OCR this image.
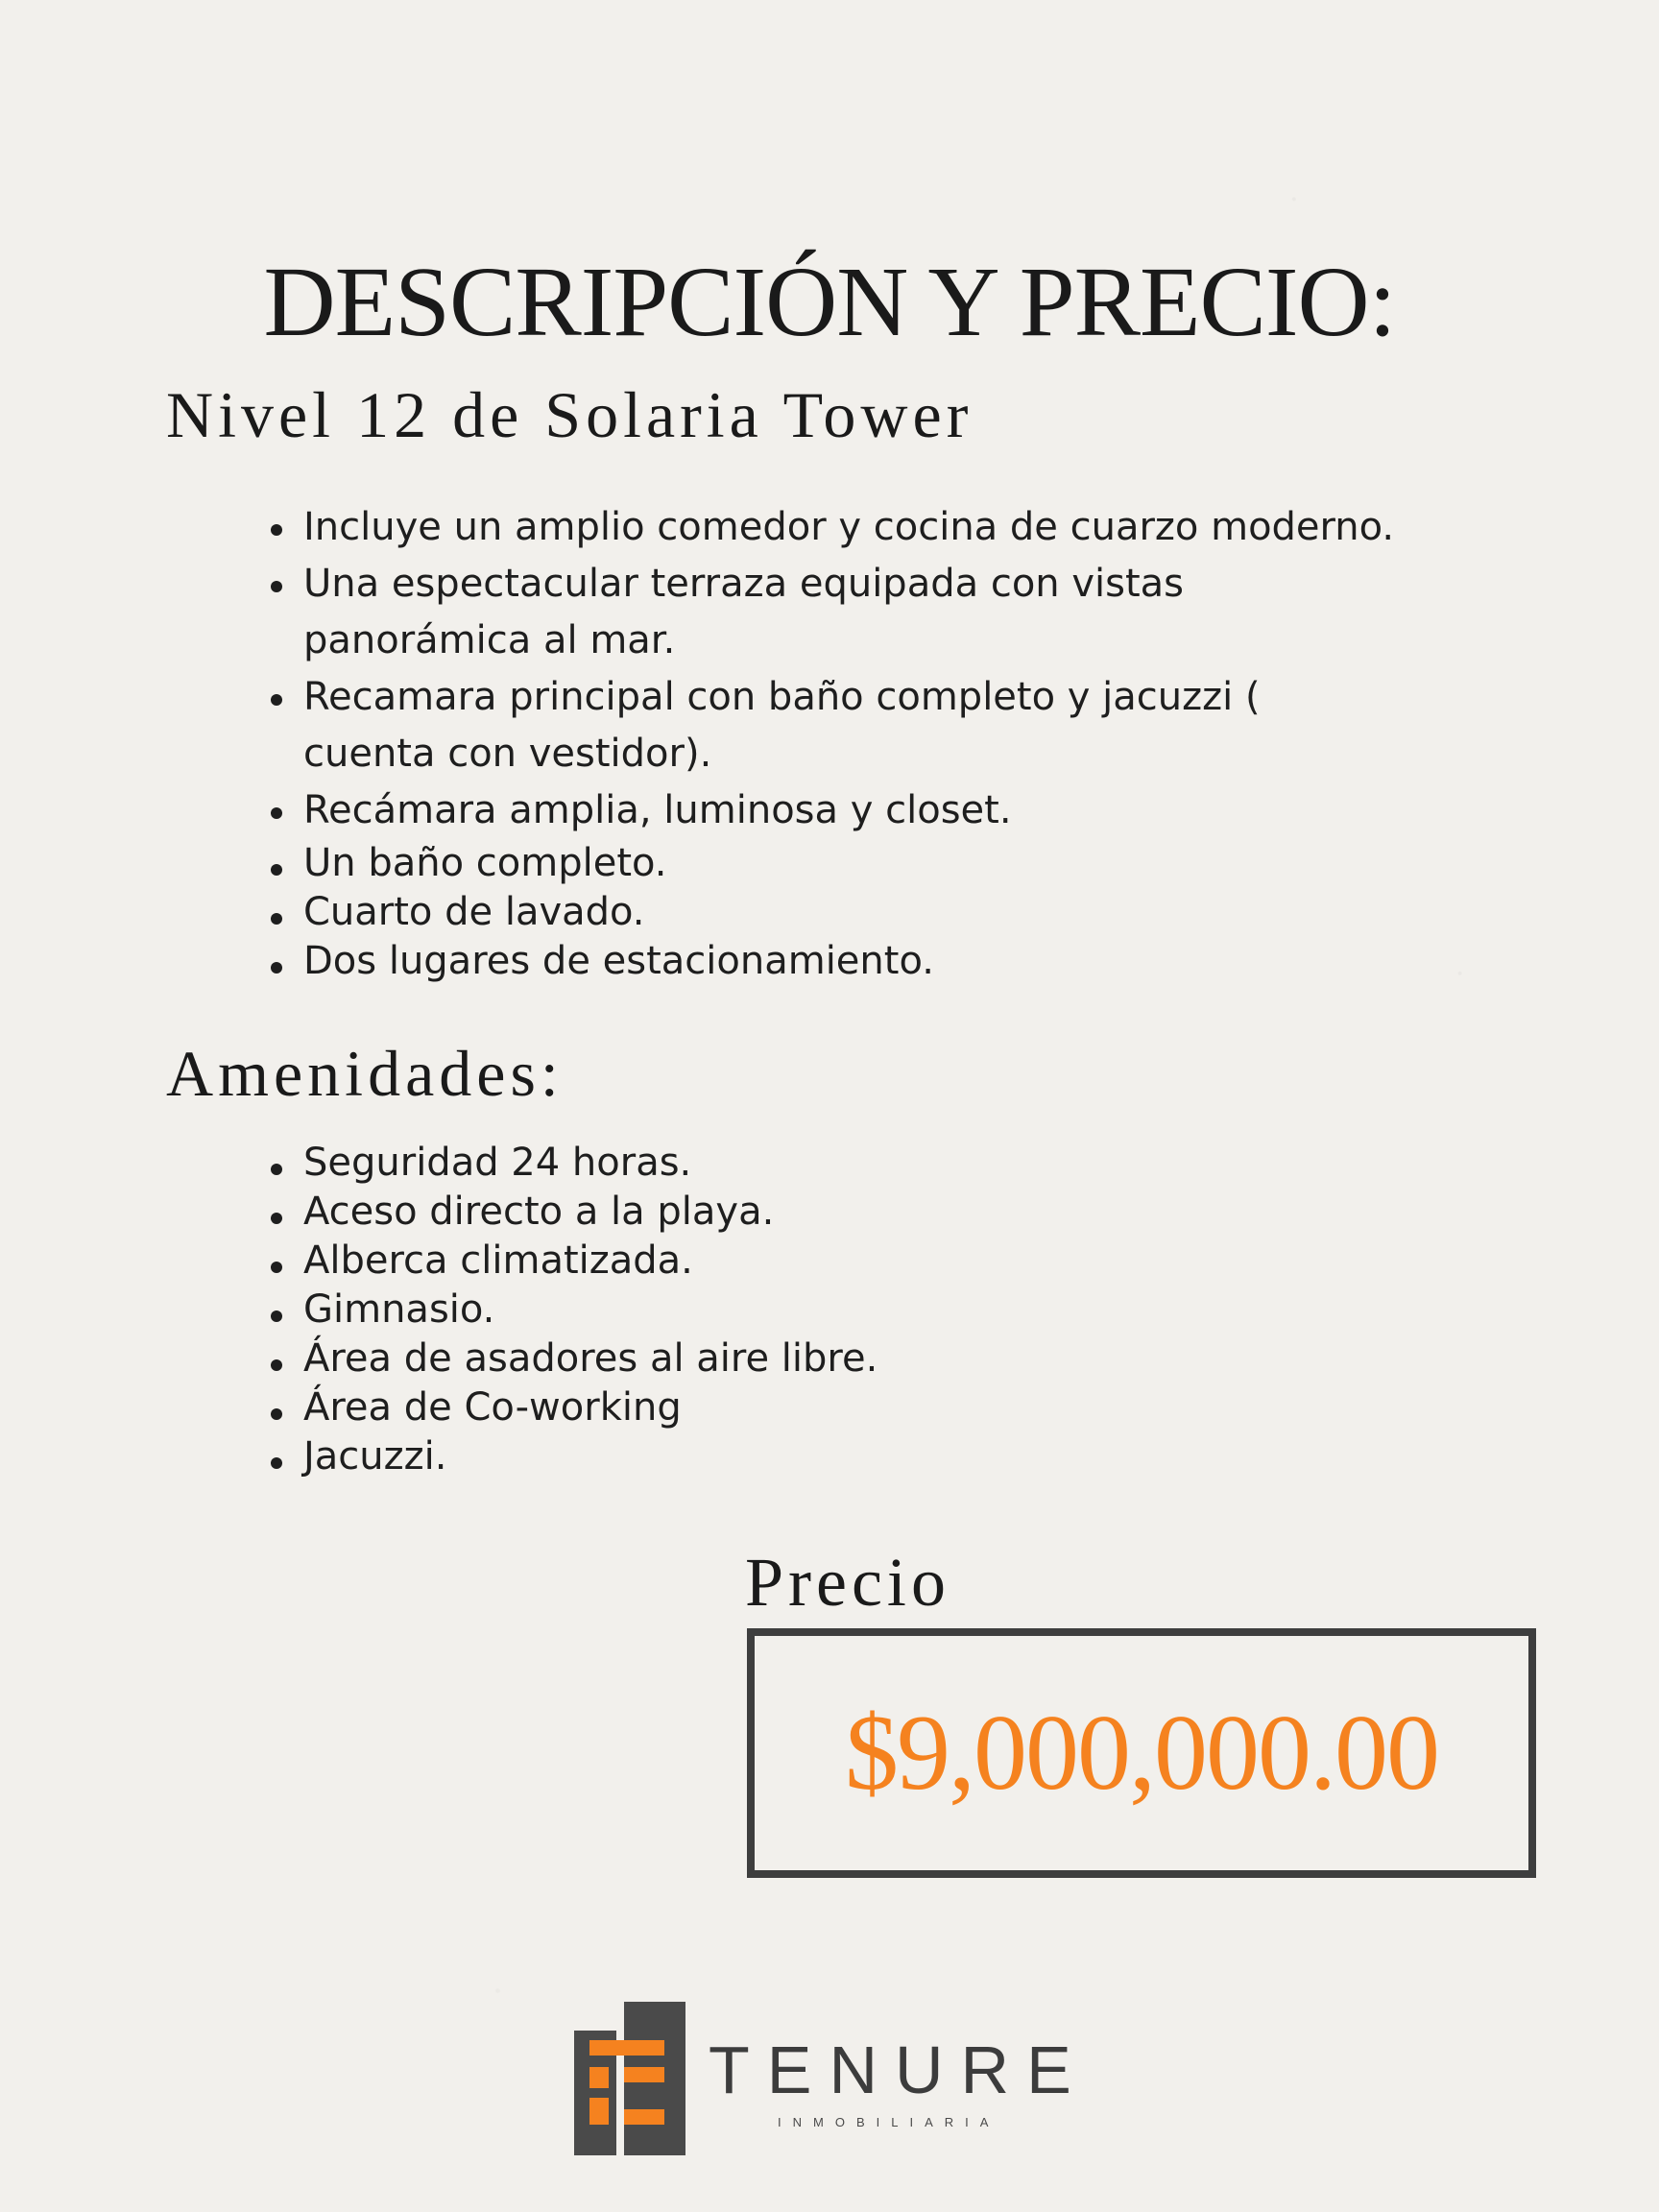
DESCRIPCIÓN Y PRECIO:
Nivel 12 de Solaria Tower
Incluye un amplio comedor y cocina de cuarzo moderno.
Una espectacular terraza equipada con vistas panorámica al mar.
Recamara principal con baño completo y jacuzzi ( cuenta con vestidor).
Recámara amplia, luminosa y closet.
Un baño completo.
Cuarto de lavado.
Dos lugares de estacionamiento.
Amenidades:
Seguridad 24 horas.
Aceso directo a la playa.
Alberca climatizada.
Gimnasio.
Área de asadores al aire libre.
Área de Co-working
Jacuzzi.
Precio
$9,000,000.00
TENURE
INMOBILIARIA
